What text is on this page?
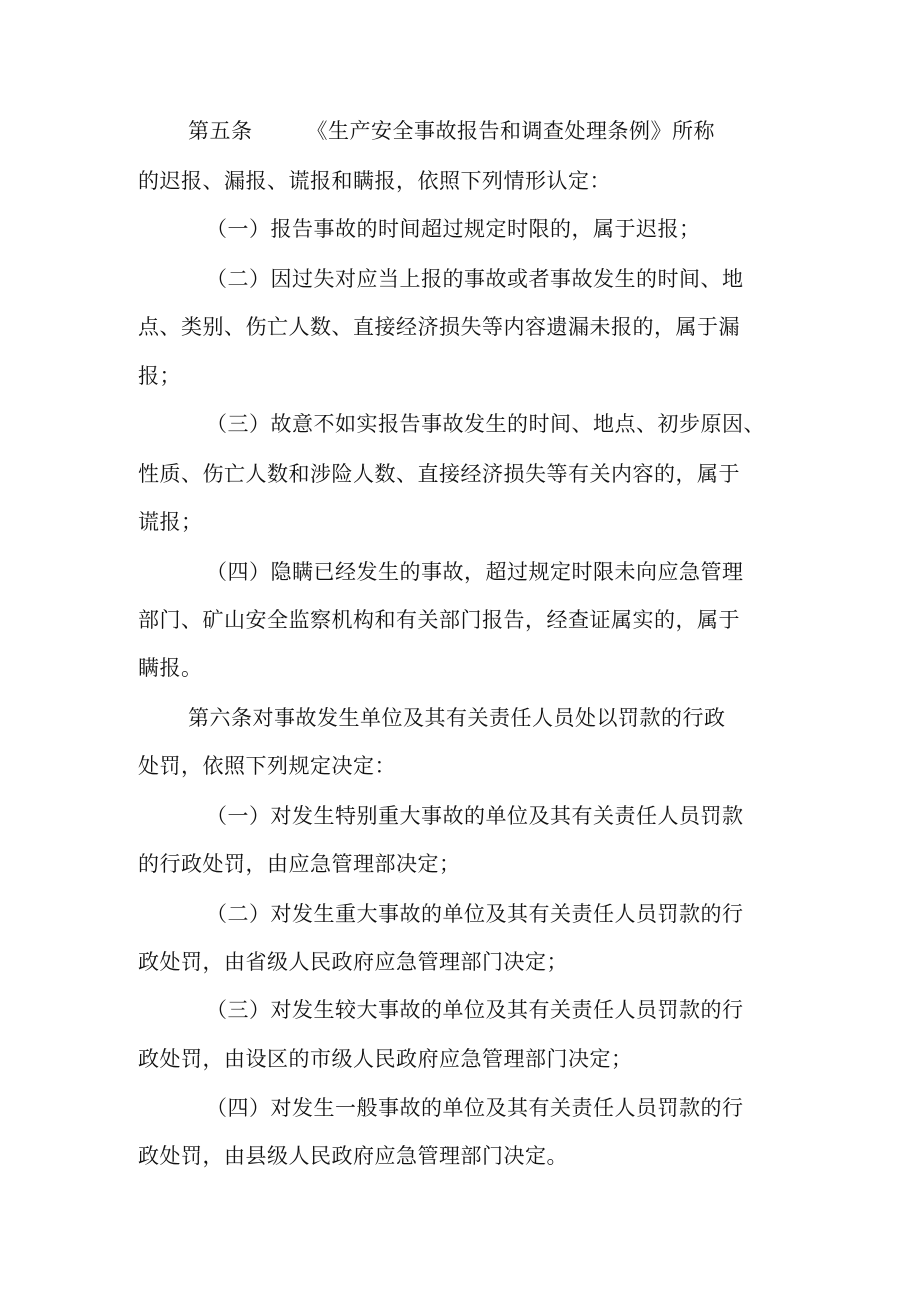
第五条	《生产安全事故报告和调查处理条例》所称
的迟报、漏报、谎报和瞒报，依照下列情形认定：
（一）报告事故的时间超过规定时限的，属于迟报；
（二）因过失对应当上报的事故或者事故发生的时间、地
点、类别、伤亡人数、直接经济损失等内容遗漏未报的，属于漏
报；
（三）故意不如实报告事故发生的时间、地点、初步原因、
性质、伤亡人数和涉险人数、直接经济损失等有关内容的，属于
谎报；
（四）隐瞒已经发生的事故，超过规定时限未向应急管理
部门、矿山安全监察机构和有关部门报告，经查证属实的，属于
瞒报。
第六条对事故发生单位及其有关责任人员处以罚款的行政
处罚，依照下列规定决定：
（一）对发生特别重大事故的单位及其有关责任人员罚款
的行政处罚，由应急管理部决定；
（二）对发生重大事故的单位及其有关责任人员罚款的行
政处罚，由省级人民政府应急管理部门决定；
（三）对发生较大事故的单位及其有关责任人员罚款的行
政处罚，由设区的市级人民政府应急管理部门决定；
（四）对发生一般事故的单位及其有关责任人员罚款的行
政处罚，由县级人民政府应急管理部门决定。
